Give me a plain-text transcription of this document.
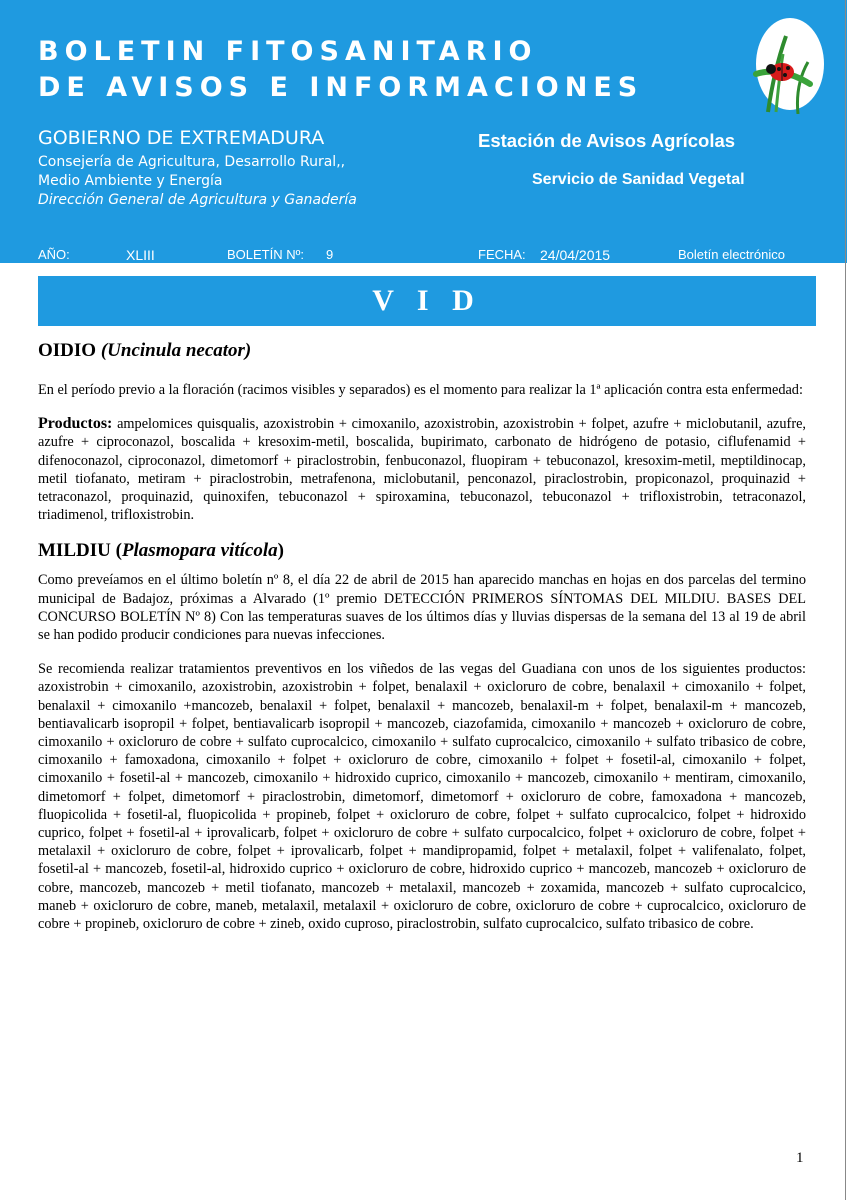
BOLETIN FITOSANITARIO
DE AVISOS E INFORMACIONES
GOBIERNO DE EXTREMADURA
Consejería de Agricultura, Desarrollo Rural,,
Medio Ambiente y Energía
Dirección General de Agricultura y Ganadería
Estación de Avisos Agrícolas
Servicio de Sanidad Vegetal
AÑO:	XLIII	BOLETÍN Nº: 9	FECHA: 24/04/2015	Boletín electrónico
V I D
OIDIO (Uncinula necator)

En el período previo a la floración (racimos visibles y separados) es el momento para realizar la 1ª aplicación contra esta enfermedad:

Productos: ampelomices quisqualis, azoxistrobin + cimoxanilo, azoxistrobin, azoxistrobin + folpet, azufre + miclobutanil, azufre, azufre + ciproconazol, boscalida + kresoxim-metil, boscalida, bupirimato, carbonato de hidrógeno de potasio, ciflufenamid + difenoconazol, ciproconazol, dimetomorf + piraclostrobin, fenbuconazol, fluopiram + tebuconazol, kresoxim-metil, meptildinocap, metil tiofanato, metiram + piraclostrobin, metrafenona, miclobutanil, penconazol, piraclostrobin, propiconazol, proquinazid + tetraconazol, proquinazid, quinoxifen, tebuconazol + spiroxamina, tebuconazol, tebuconazol + trifloxistrobin, tetraconazol, triadimenol, trifloxistrobin.

MILDIU (Plasmopara vitícola)

Como preveíamos en el último boletín nº 8, el día 22 de abril de 2015 han aparecido manchas en hojas en dos parcelas del termino municipal de Badajoz, próximas a Alvarado (1º premio DETECCIÓN PRIMEROS SÍNTOMAS DEL MILDIU. BASES DEL CONCURSO BOLETÍN Nº 8) Con las temperaturas suaves de los últimos días y lluvias dispersas de la semana del 13 al 19 de abril se han podido producir condiciones para nuevas infecciones.

Se recomienda realizar tratamientos preventivos en los viñedos de las vegas del Guadiana con unos de los siguientes productos: azoxistrobin + cimoxanilo, azoxistrobin, azoxistrobin + folpet, benalaxil + oxicloruro de cobre, benalaxil + cimoxanilo + folpet, benalaxil + cimoxanilo +mancozeb, benalaxil + folpet, benalaxil + mancozeb, benalaxil-m + folpet, benalaxil-m + mancozeb, bentiavalicarb isopropil + folpet, bentiavalicarb isopropil + mancozeb, ciazofamida, cimoxanilo + mancozeb + oxicloruro de cobre, cimoxanilo + oxicloruro de cobre + sulfato cuprocalcico, cimoxanilo + sulfato cuprocalcico, cimoxanilo + sulfato tribasico de cobre, cimoxanilo + famoxadona, cimoxanilo + folpet + oxicloruro de cobre, cimoxanilo + folpet + fosetil-al, cimoxanilo + folpet, cimoxanilo + fosetil-al + mancozeb, cimoxanilo + hidroxido cuprico, cimoxanilo + mancozeb, cimoxanilo + mentiram, cimoxanilo, dimetomorf + folpet, dimetomorf + piraclostrobin, dimetomorf, dimetomorf + oxicloruro de cobre, famoxadona + mancozeb, fluopicolida + fosetil-al, fluopicolida + propineb, folpet + oxicloruro de cobre, folpet + sulfato cuprocalcico, folpet + hidroxido cuprico, folpet + fosetil-al + iprovalicarb, folpet + oxicloruro de cobre + sulfato curpocalcico, folpet + oxicloruro de cobre, folpet + metalaxil + oxicloruro de cobre, folpet + iprovalicarb, folpet + mandipropamid, folpet + metalaxil, folpet + valifenalato, folpet, fosetil-al + mancozeb, fosetil-al, hidroxido cuprico + oxicloruro de cobre, hidroxido cuprico + mancozeb, mancozeb + oxicloruro de cobre, mancozeb, mancozeb + metil tiofanato, mancozeb + metalaxil, mancozeb + zoxamida, mancozeb + sulfato cuprocalcico, maneb + oxicloruro de cobre, maneb, metalaxil, metalaxil + oxicloruro de cobre, oxicloruro de cobre + cuprocalcico, oxicloruro de cobre + propineb, oxicloruro de cobre + zineb, oxido cuproso, piraclostrobin, sulfato cuprocalcico, sulfato tribasico de cobre.

1
